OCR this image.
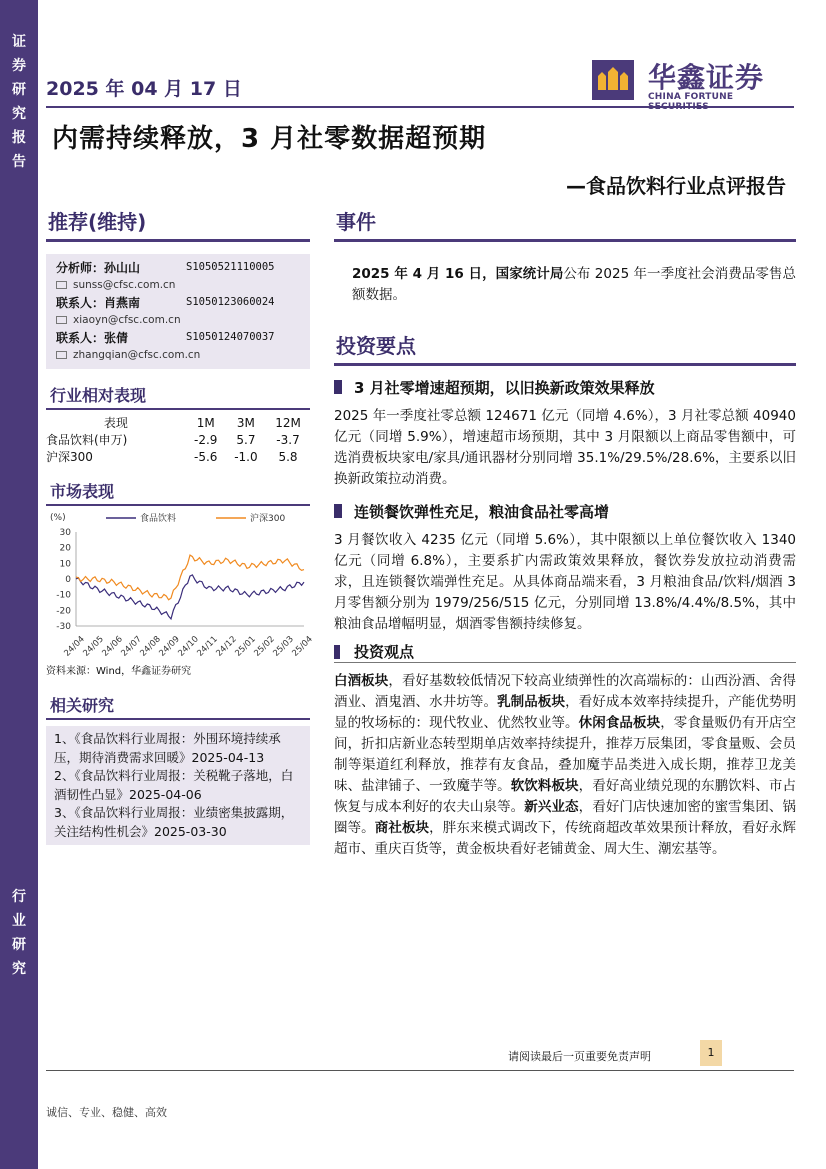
证
券
研
究
报
告
行
业
研
究
2025 年 04 月 17 日	华鑫证券
CHINA FORTUNE
内需持续释放，3 月社零数据超预期
—食品饮料行业点评报告
推荐(维持)
分析师：孙山山	S1050521110005
sunss@cfsc.com.cn
联系人：肖燕南	S1050123060024
xiaoyn@cfsc.com.cn
联系人：张倩	S1050124070037
zhangqian@cfsc.com.cn
行业相对表现
表现	1M	3M	12M
食品饮料(申万)	-2.9	5.7	-3.7
沪深300	-5.6	-1.0	5.8
市场表现
30
20
10
0
-10
-20
-30
24/04
24/05
24/06
24/07
24/08
24/09
24/10
24/11
24/12
25/01
25/02
25/03
25/04
食品饮料	沪深300
(%)
资料来源：Wind，华鑫证券研究
相关研究
1、《食品饮料行业周报：外围环境持续承压，期待消费需求回暖》2025-04-13
2、《食品饮料行业周报：关税靴子落地，白酒韧性凸显》2025-04-06
3、《食品饮料行业周报：业绩密集披露期，关注结构性机会》2025-03-30
事件
2025 年 4 月 16 日，国家统计局公布 2025 年一季度社会消费品零售总额数据。
投资要点
3 月社零增速超预期，以旧换新政策效果释放
2025 年一季度社零总额 124671 亿元（同增 4.6%），3 月社零总额 40940 亿元（同增 5.9%），增速超市场预期，其中 3 月限额以上商品零售额中，可选消费板块家电/家具/通讯器材分别同增 35.1%/29.5%/28.6%，主要系以旧换新政策拉动消费。
连锁餐饮弹性充足，粮油食品社零高增
3 月餐饮收入 4235 亿元（同增 5.6%），其中限额以上单位餐饮收入 1340 亿元（同增 6.8%），主要系扩内需政策效果释放，餐饮券发放拉动消费需求，且连锁餐饮端弹性充足。从具体商品端来看，3 月粮油食品/饮料/烟酒 3 月零售额分别为 1979/256/515 亿元，分别同增 13.8%/4.4%/8.5%，其中粮油食品增幅明显，烟酒零售额持续修复。
投资观点
白酒板块，看好基数较低情况下较高业绩弹性的次高端标的：山西汾酒、舍得酒业、酒鬼酒、水井坊等。乳制品板块，看好成本效率持续提升，产能优势明显的牧场标的：现代牧业、优然牧业等。休闲食品板块，零食量贩仍有开店空间，折扣店新业态转型期单店效率持续提升，推荐万辰集团，零食量贩、会员制等渠道红利释放，推荐有友食品，叠加魔芋品类进入成长期，推荐卫龙美味、盐津铺子、一致魔芋等。软饮料板块，看好高业绩兑现的东鹏饮料、市占恢复与成本利好的农夫山泉等。新兴业态，看好门店快速加密的蜜雪集团、锅圈等。商社板块，胖东来模式调改下，传统商超改革效果预计释放，看好永辉超市、重庆百货等，黄金板块看好老铺黄金、周大生、潮宏基等。
请阅读最后一页重要免责声明	1
诚信、专业、稳健、高效
